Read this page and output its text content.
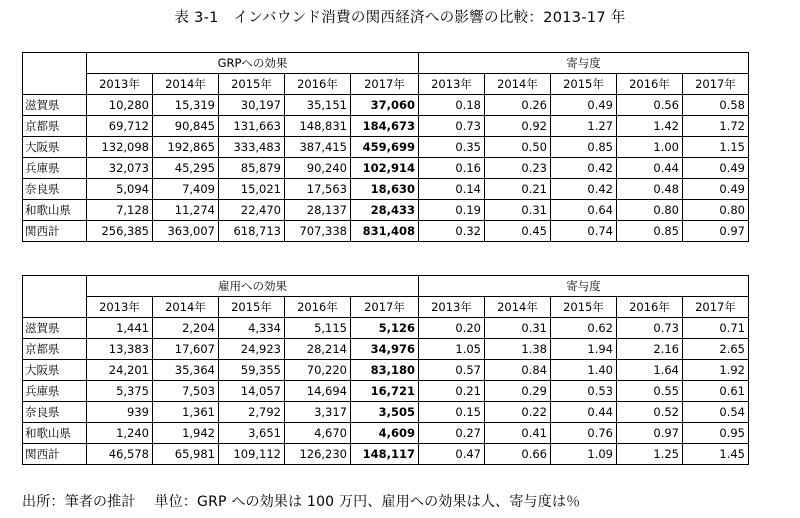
表 3-1　インバウンド消費の関西経済への影響の比較：2013-17 年
	GRPへの効果					寄与度				
	2013年	2014年	2015年	2016年	2017年	2013年	2014年	2015年	2016年	2017年
滋賀県	10,280	15,319	30,197	35,151	37,060	0.18	0.26	0.49	0.56	0.58
京都県	69,712	90,845	131,663	148,831	184,673	0.73	0.92	1.27	1.42	1.72
大阪県	132,098	192,865	333,483	387,415	459,699	0.35	0.50	0.85	1.00	1.15
兵庫県	32,073	45,295	85,879	90,240	102,914	0.16	0.23	0.42	0.44	0.49
奈良県	5,094	7,409	15,021	17,563	18,630	0.14	0.21	0.42	0.48	0.49
和歌山県	7,128	11,274	22,470	28,137	28,433	0.19	0.31	0.64	0.80	0.80
関西計	256,385	363,007	618,713	707,338	831,408	0.32	0.45	0.74	0.85	0.97
	雇用への効果					寄与度				
	2013年	2014年	2015年	2016年	2017年	2013年	2014年	2015年	2016年	2017年
滋賀県	1,441	2,204	4,334	5,115	5,126	0.20	0.31	0.62	0.73	0.71
京都県	13,383	17,607	24,923	28,214	34,976	1.05	1.38	1.94	2.16	2.65
大阪県	24,201	35,364	59,355	70,220	83,180	0.57	0.84	1.40	1.64	1.92
兵庫県	5,375	7,503	14,057	14,694	16,721	0.21	0.29	0.53	0.55	0.61
奈良県	939	1,361	2,792	3,317	3,505	0.15	0.22	0.44	0.52	0.54
和歌山県	1,240	1,942	3,651	4,670	4,609	0.27	0.41	0.76	0.97	0.95
関西計	46,578	65,981	109,112	126,230	148,117	0.47	0.66	1.09	1.25	1.45
出所：筆者の推計　 単位：GRP への効果は 100 万円、雇用への効果は人、寄与度は％
